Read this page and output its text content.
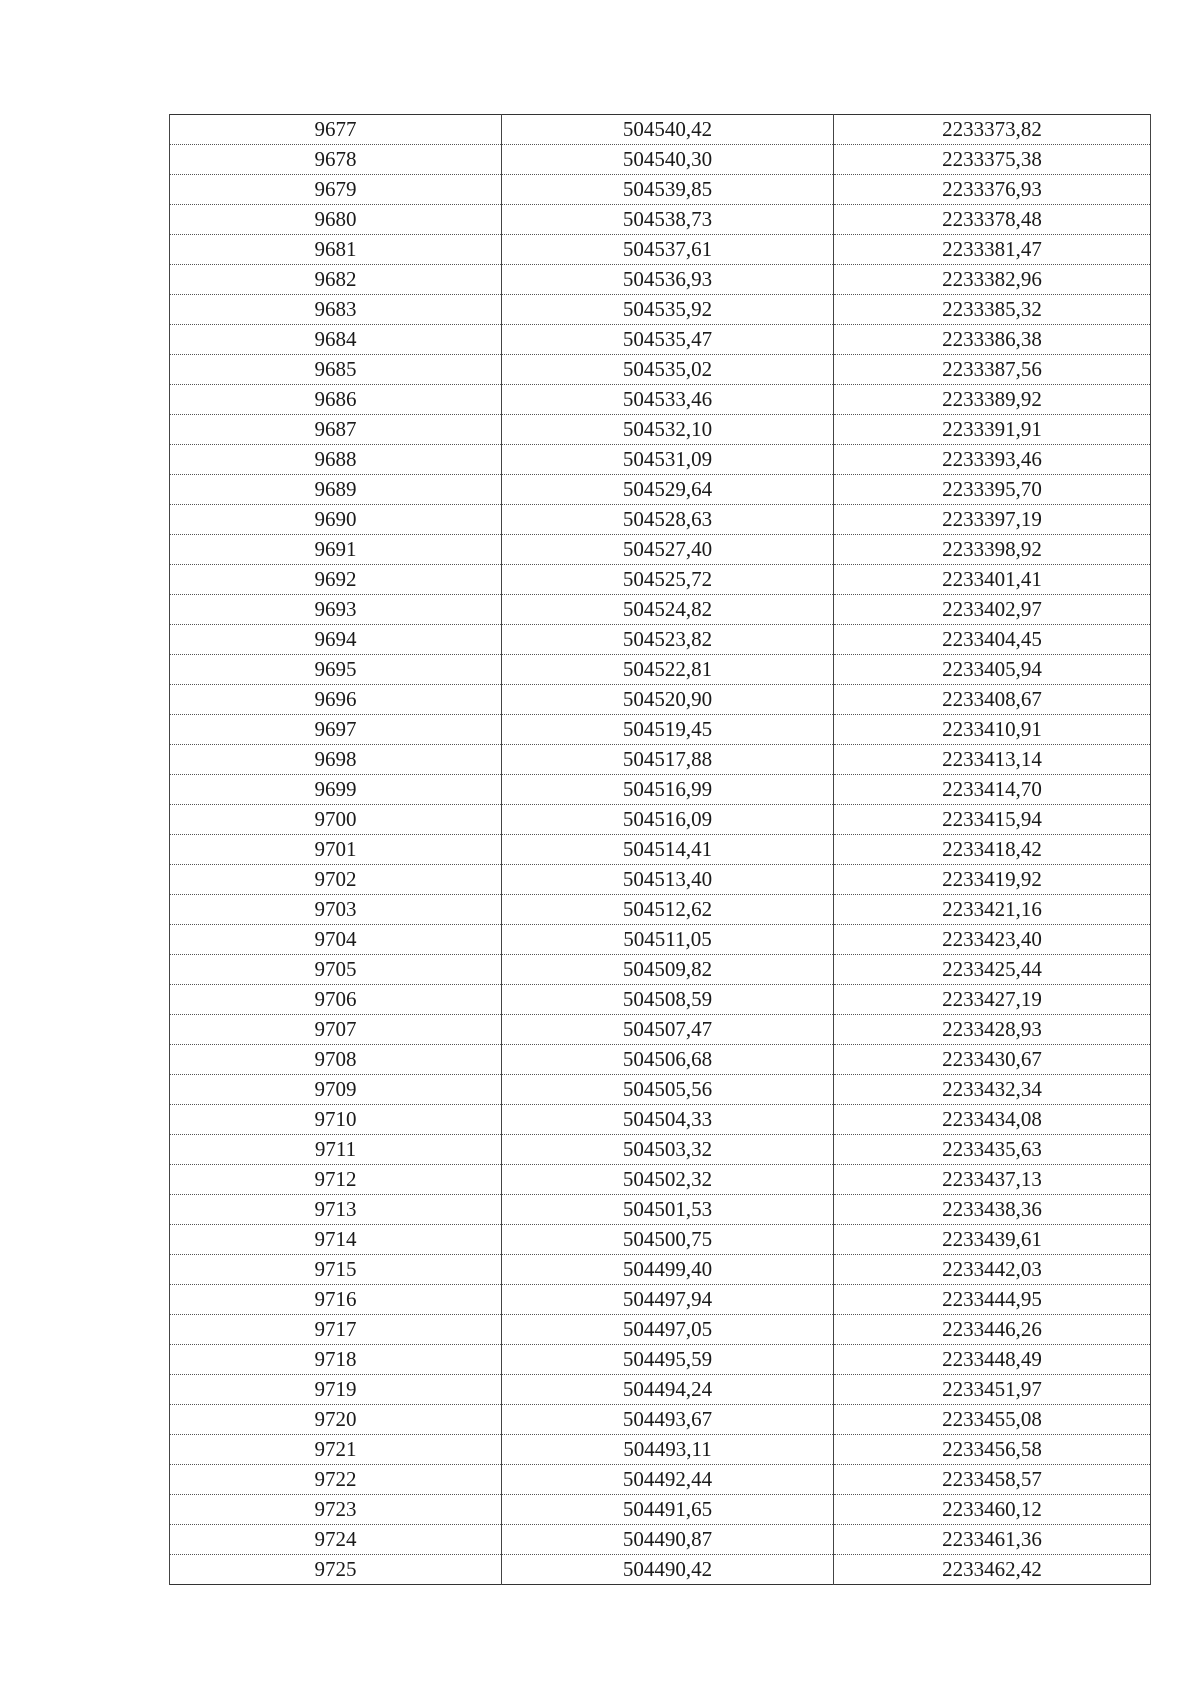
9677	504540,42	2233373,82
9678	504540,30	2233375,38
9679	504539,85	2233376,93
9680	504538,73	2233378,48
9681	504537,61	2233381,47
9682	504536,93	2233382,96
9683	504535,92	2233385,32
9684	504535,47	2233386,38
9685	504535,02	2233387,56
9686	504533,46	2233389,92
9687	504532,10	2233391,91
9688	504531,09	2233393,46
9689	504529,64	2233395,70
9690	504528,63	2233397,19
9691	504527,40	2233398,92
9692	504525,72	2233401,41
9693	504524,82	2233402,97
9694	504523,82	2233404,45
9695	504522,81	2233405,94
9696	504520,90	2233408,67
9697	504519,45	2233410,91
9698	504517,88	2233413,14
9699	504516,99	2233414,70
9700	504516,09	2233415,94
9701	504514,41	2233418,42
9702	504513,40	2233419,92
9703	504512,62	2233421,16
9704	504511,05	2233423,40
9705	504509,82	2233425,44
9706	504508,59	2233427,19
9707	504507,47	2233428,93
9708	504506,68	2233430,67
9709	504505,56	2233432,34
9710	504504,33	2233434,08
9711	504503,32	2233435,63
9712	504502,32	2233437,13
9713	504501,53	2233438,36
9714	504500,75	2233439,61
9715	504499,40	2233442,03
9716	504497,94	2233444,95
9717	504497,05	2233446,26
9718	504495,59	2233448,49
9719	504494,24	2233451,97
9720	504493,67	2233455,08
9721	504493,11	2233456,58
9722	504492,44	2233458,57
9723	504491,65	2233460,12
9724	504490,87	2233461,36
9725	504490,42	2233462,42
